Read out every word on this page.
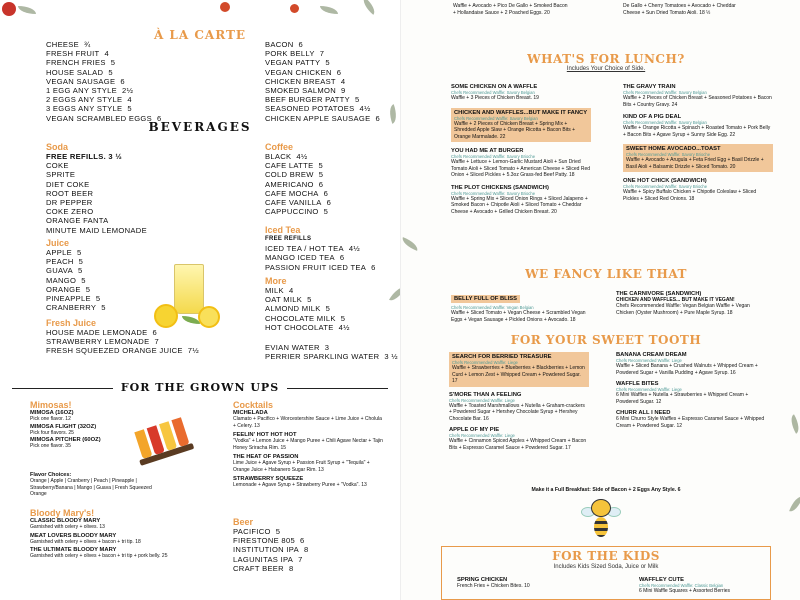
À LA CARTE
CHEESE ¾
FRESH FRUIT 4
FRENCH FRIES 5
HOUSE SALAD 5
VEGAN SAUSAGE 6
1 EGG ANY STYLE 2½
2 EGGS ANY STYLE 4
3 EGGS ANY STYLE 5
VEGAN SCRAMBLED EGGS 6
BACON 6
PORK BELLY 7
VEGAN PATTY 5
VEGAN CHICKEN 6
CHICKEN BREAST 4
SMOKED SALMON 9
BEEF BURGER PATTY 5
SEASONED POTATOES 4½
CHICKEN APPLE SAUSAGE 6
BEVERAGES
Soda
FREE REFILLS. 3 ½
COKE
SPRITE
DIET COKE
ROOT BEER
DR PEPPER
COKE ZERO
ORANGE FANTA
MINUTE MAID LEMONADE
Juice
APPLE 5
PEACH 5
GUAVA 5
MANGO 5
ORANGE 5
PINEAPPLE 5
CRANBERRY 5
Fresh Juice
HOUSE MADE LEMONADE 6
STRAWBERRY LEMONADE 7
FRESH SQUEEZED ORANGE JUICE 7½
Coffee
BLACK 4½
CAFE LATTE 5
COLD BREW 5
AMERICANO 6
CAFE MOCHA 6
CAFE VANILLA 6
CAPPUCCINO 5
Iced Tea
FREE REFILLS
ICED TEA / HOT TEA 4½
MANGO ICED TEA 6
PASSION FRUIT ICED TEA 6
More
MILK 4
OAT MILK 5
ALMOND MILK 5
CHOCOLATE MILK 5
HOT CHOCOLATE 4½
EVIAN WATER 3
PERRIER SPARKLING WATER 3 ½
FOR THE GROWN UPS
Mimosas!
MIMOSA (16OZ)
Pick one flavor. 12
MIMOSA FLIGHT (32OZ)
Pick four flavors. 25
MIMOSA PITCHER (60OZ)
Pick one flavor. 35
Flavor Choices:
Orange | Apple | Cranberry | Peach | Pineapple | Strawberry/Banana | Mango | Guava | Fresh Squeezed Orange
Bloody Mary's!
CLASSIC BLOODY MARY
Garnished with celery + olives. 13
MEAT LOVERS BLOODY MARY
Garnished with celery + olives + bacon + tri tip. 18
THE ULTIMATE BLOODY MARY
Garnished with celery + olives + bacon + tri tip + pork belly. 25
Cocktails
MICHELADA
Clamato + Pacifico + Worcestershire Sauce + Lime Juice + Cholula + Celery. 13
FEELIN' HOT HOT HOT
"Vodka" + Lemon Juice + Mango Puree + Chili Agave Nectar + Tajin Honey Sriracha Rim. 15
THE HEAT OF PASSION
Lime Juice + Agave Syrup + Passion Fruit Syrup + "Tequila" + Orange Juice + Habanero Sugar Rim. 13
STRAWBERRY SQUEEZE
Lemonade + Agave Syrup + Strawberry Puree + "Vodka". 13
Beer
PACIFICO 5
FIRESTONE 805 6
INSTITUTION IPA 8
LAGUNITAS IPA 7
CRAFT BEER 8
Waffle + Avocado + Pico De Gallo + Smoked Bacon
+ Hollandaise Sauce + 2 Poached Eggs. 20
De Gallo + Cherry Tomatoes + Avocado + Cheddar
Cheese + Sun Dried Tomato Aioli. 18 ½
WHAT'S FOR LUNCH?
Includes Your Choice of Side.
SOME CHICKEN ON A WAFFLE
Chefs Recommended Waffle: Savory Belgian
Waffle + 3 Pieces of Chicken Breast. 19
CHICKEN AND WAFFLES...BUT MAKE IT FANCY
Chefs Recommended Waffle: Savory Belgian
Waffle + 2 Pieces of Chicken Breast + Spring Mix + Shredded Apple Slaw + Orange Ricotta + Bacon Bits + Orange Marmalade. 22
YOU HAD ME AT BURGER
Chefs Recommended Waffle: Savory Brioche
Waffle + Lettuce + Lemon-Garlic Mustard Aioli + Sun Dried Tomato Aioli + Sliced Tomato + American Cheese + Sliced Red Onion + Sliced Pickles + 5.3oz Grass-fed Beef Patty. 18
THE PLOT CHICKENS (SANDWICH)
Chefs Recommended Waffle: Savory Brioche
Waffle + Spring Mix + Sliced Onion Rings + Sliced Jalapeno + Smoked Bacon + Chipotle Aioli + Sliced Tomato + Cheddar Cheese + Avocado + Grilled Chicken Breast. 20
THE GRAVY TRAIN
Chefs Recommended Waffle: Savory Belgian
Waffle + 2 Pieces of Chicken Breast + Seasoned Potatoes + Bacon Bits + Country Gravy. 24
KIND OF A PIG DEAL
Chefs Recommended Waffle: Savory Belgian
Waffle + Orange Ricotta + Spinach + Roasted Tomato + Pork Belly + Bacon Bits + Agave Syrup + Sunny Side Egg. 22
SWEET HOME AVOCADO...TOAST
Chefs Recommended Waffle: Savory Brioche
Waffle + Avocado + Arugula + Feta Fried Egg + Basil Drizzle + Basil Aioli + Balsamic Drizzle + Sliced Tomato. 20
ONE HOT CHICK (SANDWICH)
Chefs Recommended Waffle: Savory Brioche
Waffle + Spicy Buffalo Chicken + Chipotle Coleslaw + Sliced Pickles + Sliced Red Onions. 18
WE FANCY LIKE THAT
BELLY FULL OF BLISS
Chefs Recommended Waffle: Vegan Belgian
Waffle + Sliced Tomato + Vegan Cheese + Scrambled Vegan Eggs + Vegan Sausage + Pickled Onions + Avocado. 18
THE CARNIVORE (SANDWICH)
CHICKEN AND WAFFLES... BUT MAKE IT VEGAN!
Chefs Recommended Waffle: Vegan Belgian Waffle + Vegan Chicken (Oyster Mushroom) + Pure Maple Syrup. 18
FOR YOUR SWEET TOOTH
SEARCH FOR BERRIED TREASURE
Chefs Recommended Waffle: Liege
Waffle + Strawberries + Blueberries + Blackberries + Lemon Curd + Lemon Zest + Whipped Cream + Powdered Sugar. 17
S'MORE THAN A FEELING
Chefs Recommended Waffle: Liege
Waffle + Toasted Marshmallows + Nutella + Graham-crackers + Powdered Sugar + Hershey Chocolate Syrup + Hershey Chocolate Bar. 16
APPLE OF MY PIE
Chefs Recommended Waffle: Liege
Waffle + Cinnamon Spiced Apples + Whipped Cream + Bacon Bits + Espresso Caramel Sauce + Powdered Sugar. 17
BANANA CREAM DREAM
Chefs Recommended Waffle: Liege
Waffle + Sliced Banana + Crushed Walnuts + Whipped Cream + Powdered Sugar + Vanilla Pudding + Agave Syrup. 16
WAFFLE BITES
Chefs Recommended Waffle: Liege
6 Mini Waffles + Nutella + Strawberries + Whipped Cream + Powdered Sugar. 12
CHURR ALL I NEED
6 Mini Churro Style Waffles + Espresso Caramel Sauce + Whipped Cream + Powdered Sugar. 12
Make it a Full Breakfast: Side of Bacon + 2 Eggs Any Style. 6
FOR THE KIDS
Includes Kids Sized Soda, Juice or Milk
SPRING CHICKEN
French Fries + Chicken Bites. 10
WAFFLEY CUTE
Chefs Recommended Waffle: Classic Belgian
6 Mini Waffle Squares + Assorted Berries
